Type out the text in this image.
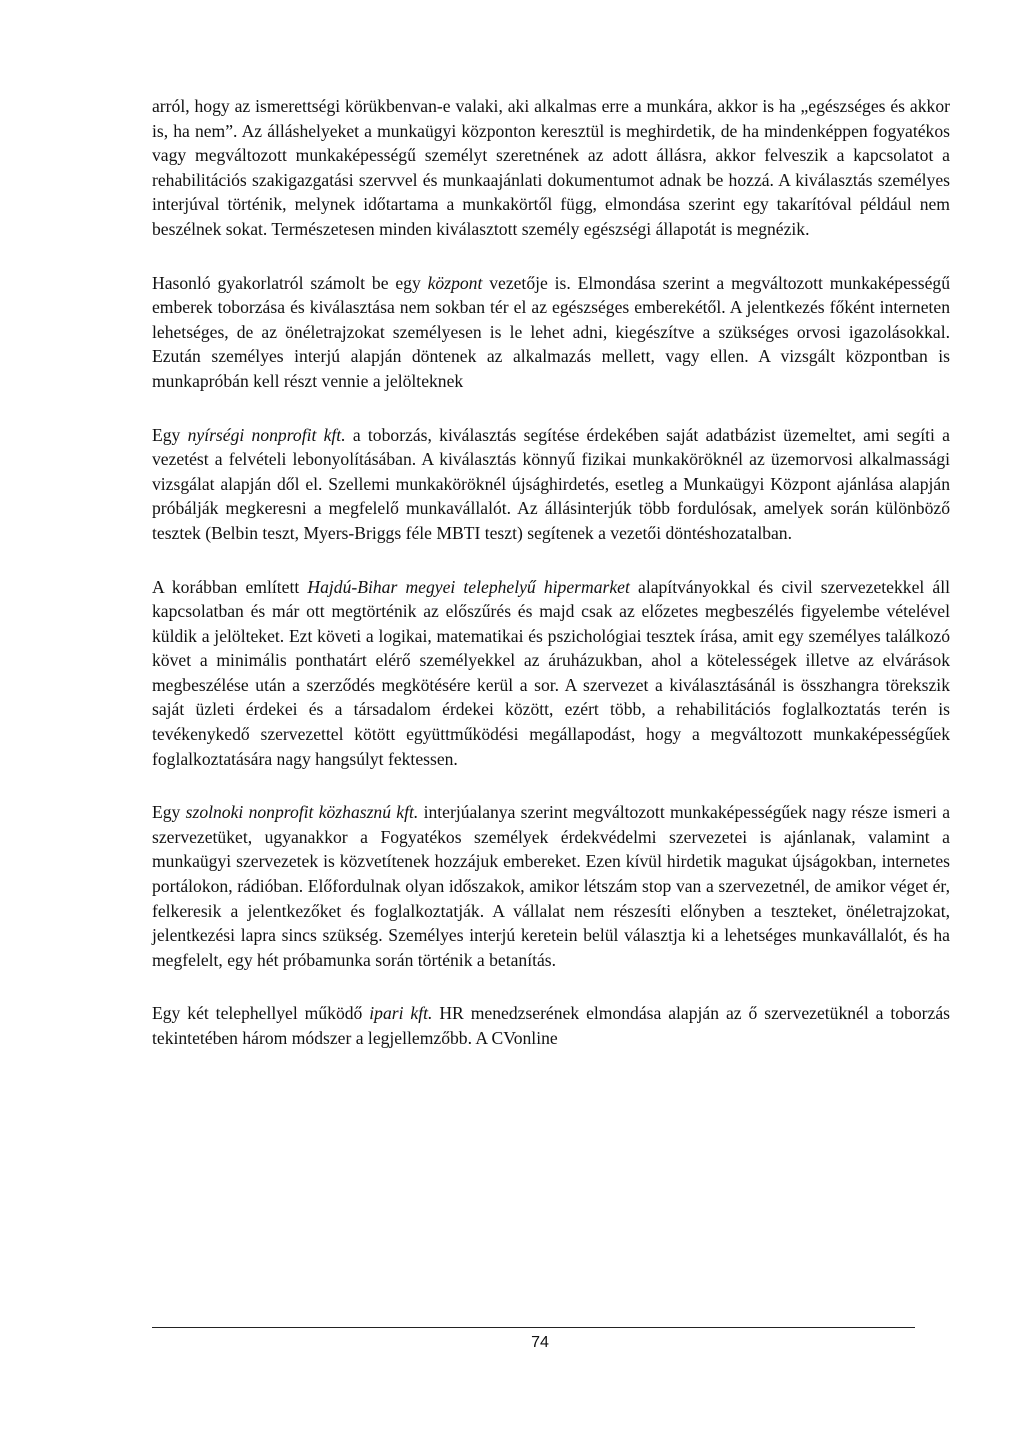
arról, hogy az ismerettségi körükbenvan-e valaki, aki alkalmas erre a munkára, akkor is ha „egészséges és akkor is, ha nem”. Az álláshelyeket a munkaügyi központon keresztül is meghirdetik, de ha mindenképpen fogyatékos vagy megváltozott munkaképességű személyt szeretnének az adott állásra, akkor felveszik a kapcsolatot a rehabilitációs szakigazgatási szervvel és munkaajánlati dokumentumot adnak be hozzá. A kiválasztás személyes interjúval történik, melynek időtartama a munkakörtől függ, elmondása szerint egy takarítóval például nem beszélnek sokat. Természetesen minden kiválasztott személy egészségi állapotát is megnézik.

Hasonló gyakorlatról számolt be egy központ vezetője is. Elmondása szerint a megváltozott munkaképességű emberek toborzása és kiválasztása nem sokban tér el az egészséges emberekétől. A jelentkezés főként interneten lehetséges, de az önéletrajzokat személyesen is le lehet adni, kiegészítve a szükséges orvosi igazolásokkal. Ezután személyes interjú alapján döntenek az alkalmazás mellett, vagy ellen. A vizsgált központban is munkapróbán kell részt vennie a jelölteknek

Egy nyírségi nonprofit kft. a toborzás, kiválasztás segítése érdekében saját adatbázist üzemeltet, ami segíti a vezetést a felvételi lebonyolításában. A kiválasztás könnyű fizikai munkaköröknél az üzemorvosi alkalmassági vizsgálat alapján dől el. Szellemi munkaköröknél újsághirdetés, esetleg a Munkaügyi Központ ajánlása alapján próbálják megkeresni a megfelelő munkavállalót. Az állásinterjúk több fordulósak, amelyek során különböző tesztek (Belbin teszt, Myers-Briggs féle MBTI teszt) segítenek a vezetői döntéshozatalban.

A korábban említett Hajdú-Bihar megyei telephelyű hipermarket alapítványokkal és civil szervezetekkel áll kapcsolatban és már ott megtörténik az előszűrés és majd csak az előzetes megbeszélés figyelembe vételével küldik a jelölteket. Ezt követi a logikai, matematikai és pszichológiai tesztek írása, amit egy személyes találkozó követ a minimális ponthatárt elérő személyekkel az áruházukban, ahol a kötelességek illetve az elvárások megbeszélése után a szerződés megkötésére kerül a sor. A szervezet a kiválasztásánál is összhangra törekszik saját üzleti érdekei és a társadalom érdekei között, ezért több, a rehabilitációs foglalkoztatás terén is tevékenykedő szervezettel kötött együttműködési megállapodást, hogy a megváltozott munkaképességűek foglalkoztatására nagy hangsúlyt fektessen.

Egy szolnoki nonprofit közhasznú kft. interjúalanya szerint megváltozott munkaképességűek nagy része ismeri a szervezetüket, ugyanakkor a Fogyatékos személyek érdekvédelmi szervezetei is ajánlanak, valamint a munkaügyi szervezetek is közvetítenek hozzájuk embereket. Ezen kívül hirdetik magukat újságokban, internetes portálokon, rádióban. Előfordulnak olyan időszakok, amikor létszám stop van a szervezetnél, de amikor véget ér, felkeresik a jelentkezőket és foglalkoztatják. A vállalat nem részesíti előnyben a teszteket, önéletrajzokat, jelentkezési lapra sincs szükség. Személyes interjú keretein belül választja ki a lehetséges munkavállalót, és ha megfelelt, egy hét próbamunka során történik a betanítás.

Egy két telephellyel működő ipari kft. HR menedzserének elmondása alapján az ő szervezetüknél a toborzás tekintetében három módszer a legjellemzőbb. A CVonline

74
